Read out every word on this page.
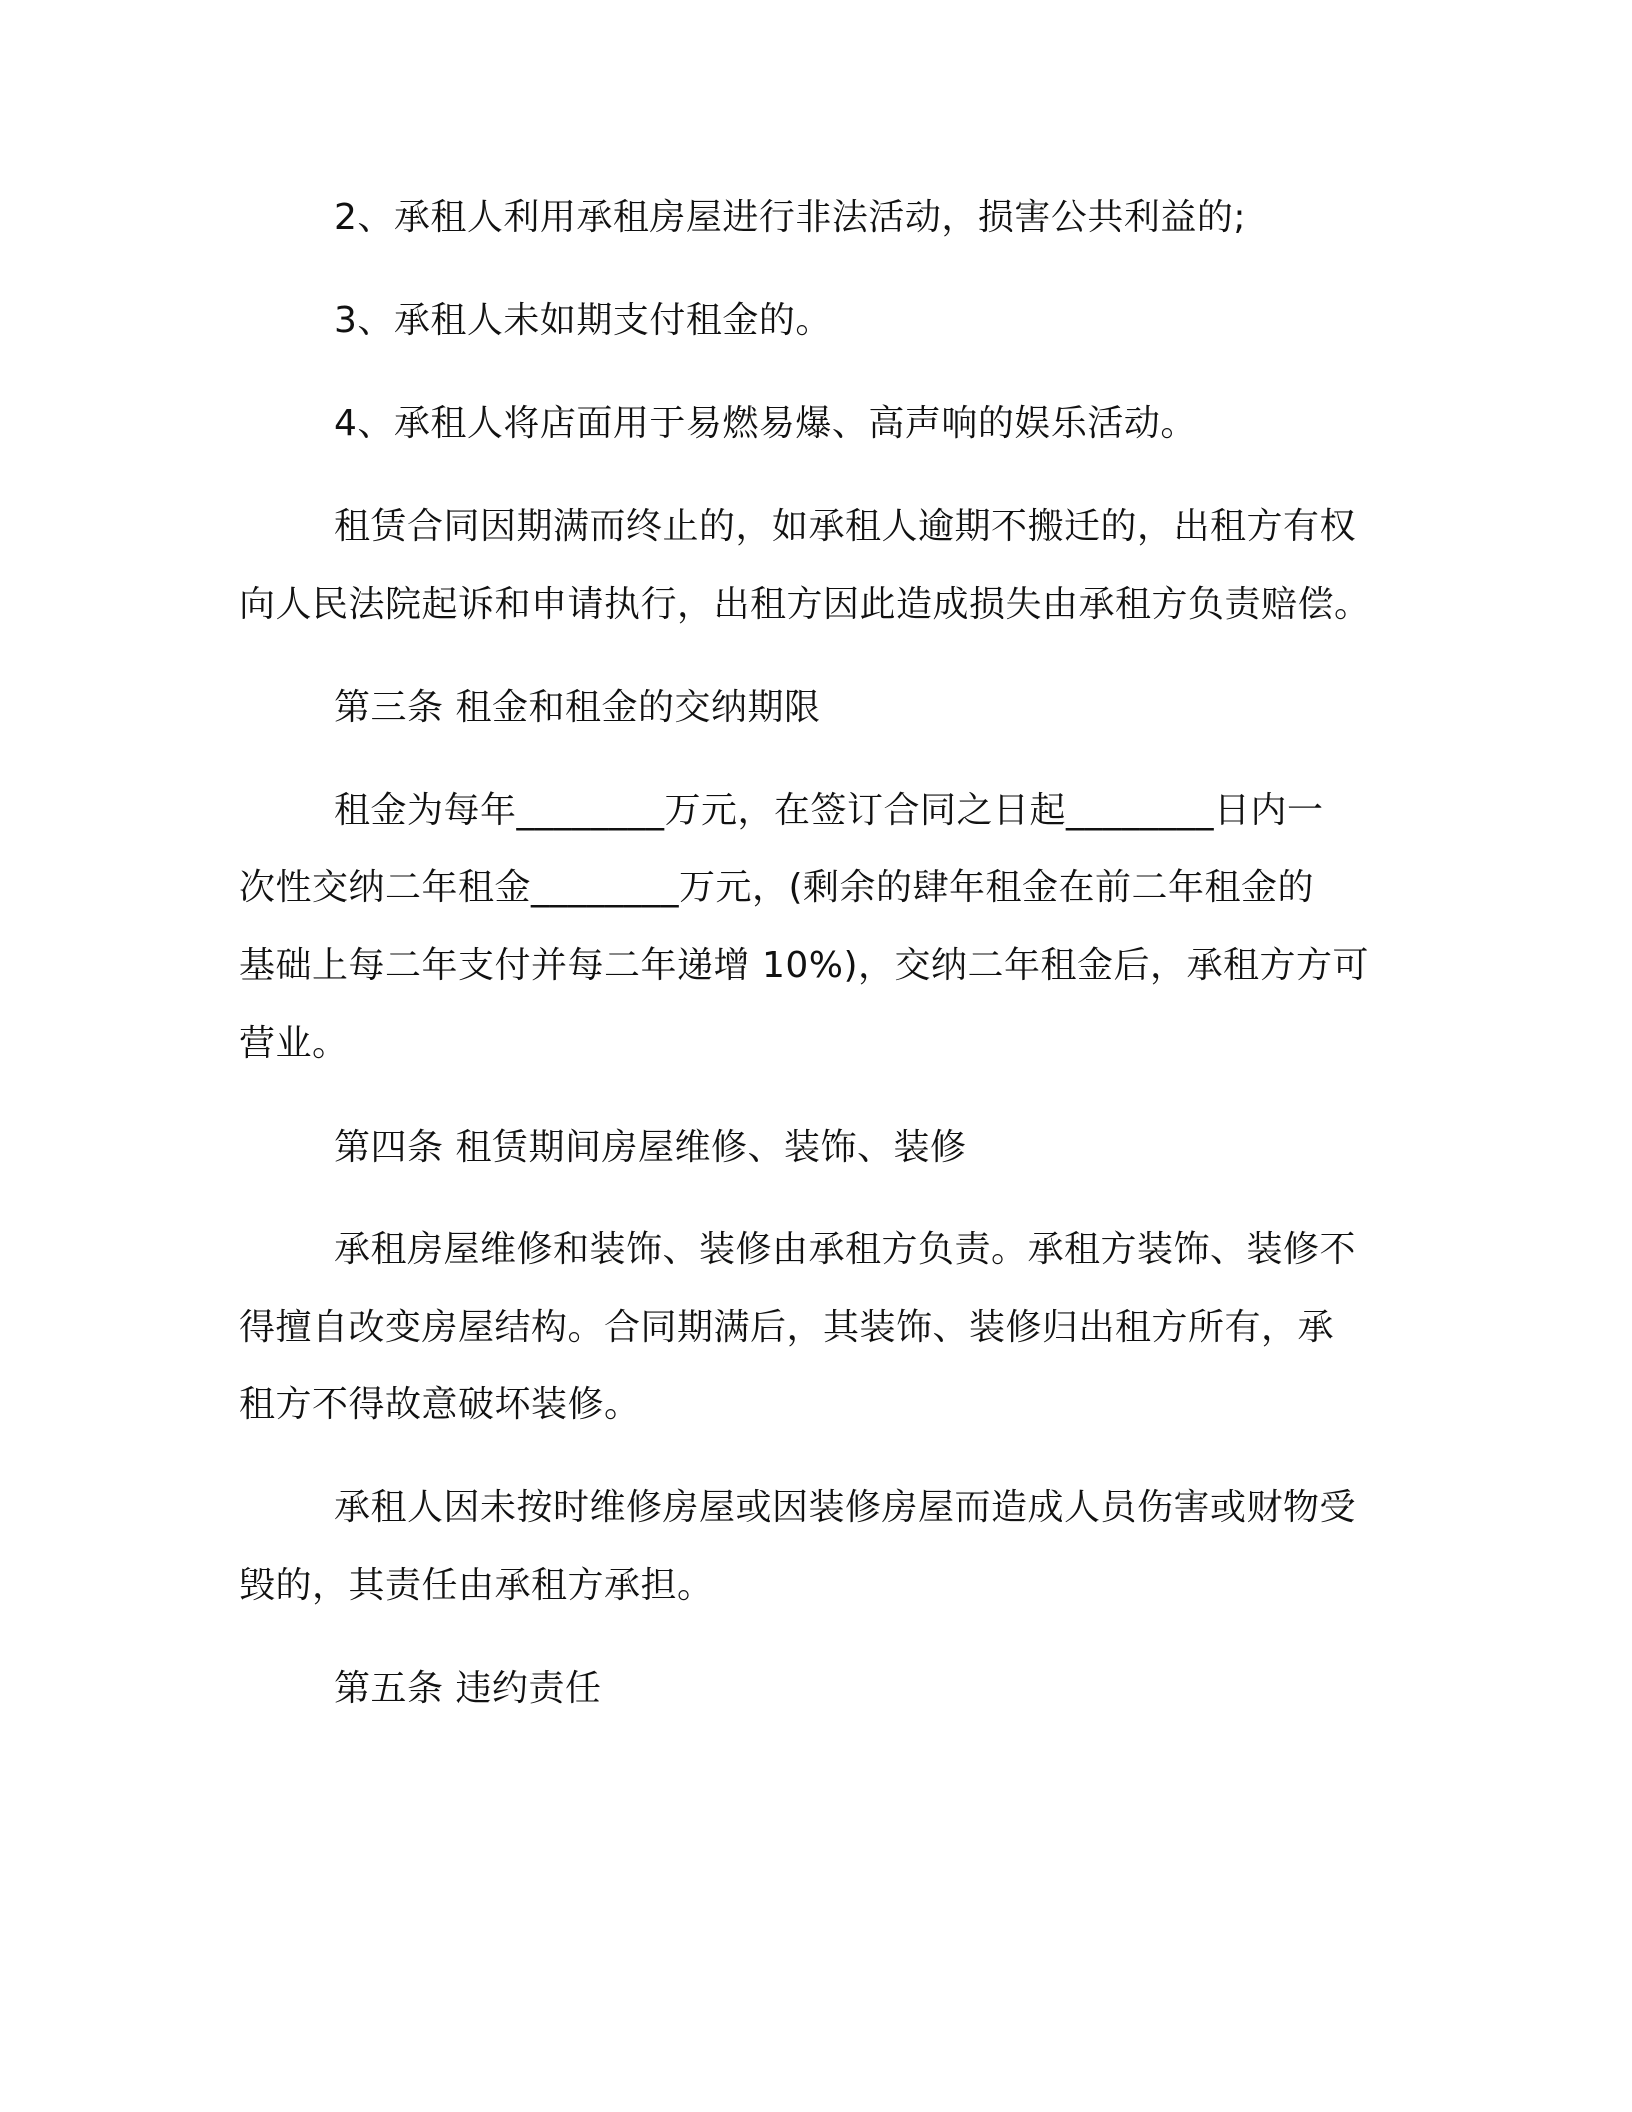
2、承租人利用承租房屋进行非法活动，损害公共利益的;
3、承租人未如期支付租金的。
4、承租人将店面用于易燃易爆、高声响的娱乐活动。
租赁合同因期满而终止的，如承租人逾期不搬迁的，出租方有权
向人民法院起诉和申请执行，出租方因此造成损失由承租方负责赔偿。
第三条 租金和租金的交纳期限
租金为每年________万元，在签订合同之日起________日内一
次性交纳二年租金________万元，(剩余的肆年租金在前二年租金的
基础上每二年支付并每二年递增 10%)，交纳二年租金后，承租方方可
营业。
第四条 租赁期间房屋维修、装饰、装修
承租房屋维修和装饰、装修由承租方负责。承租方装饰、装修不
得擅自改变房屋结构。合同期满后，其装饰、装修归出租方所有，承
租方不得故意破坏装修。
承租人因未按时维修房屋或因装修房屋而造成人员伤害或财物受
毁的，其责任由承租方承担。
第五条 违约责任
